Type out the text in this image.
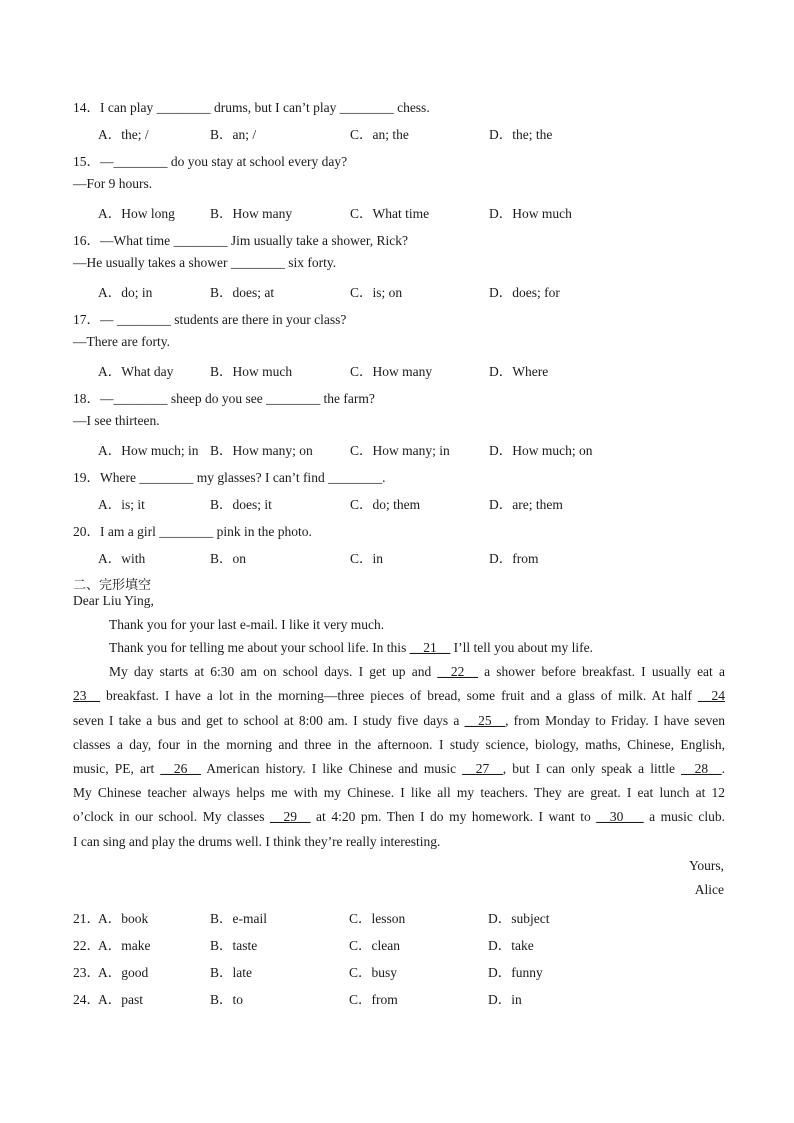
14．I can play ________ drums, but I can’t play ________ chess.
A．the; /	B．an; /	C．an; the	D．the; the
15．—________ do you stay at school every day?
—For 9 hours.
A．How long	B．How many	C．What time	D．How much
16．—What time ________ Jim usually take a shower, Rick?
—He usually takes a shower ________ six forty.
A．do; in	B．does; at	C．is; on	D．does; for
17．— ________ students are there in your class?
—There are forty.
A．What day	B．How much	C．How many	D．Where
18．—________ sheep do you see ________ the farm?
—I see thirteen.
A．How much; in B．How many; on	C．How many; in	D．How much; on
19．Where ________ my glasses? I can’t find ________.
A．is; it	B．does; it	C．do; them	D．are; them
20．I am a girl ________ pink in the photo.
A．with	B．on	C．in	D．from
二、完形填空
Dear Liu Ying,
Thank you for your last e-mail. I like it very much.
Thank you for telling me about your school life. In this __21__ I’ll tell you about my life.
My day starts at 6:30 am on school days. I get up and __22__ a shower before breakfast. I usually eat a
23__ breakfast. I have a lot in the morning—three pieces of bread, some fruit and a glass of milk. At half __24
seven I take a bus and get to school at 8:00 am. I study five days a __25__, from Monday to Friday. I have seven
classes a day, four in the morning and three in the afternoon. I study science, biology, maths, Chinese, English,
music, PE, art __26__ American history. I like Chinese and music __27__, but I can only speak a little __28__.
My Chinese teacher always helps me with my Chinese. I like all my teachers. They are great. I eat lunch at 12
o’clock in our school. My classes __29__ at 4:20 pm. Then I do my homework. I want to __30___ a music club.
I can sing and play the drums well. I think they’re really interesting.
Yours,
Alice
21．
A．book	B．e-mail	C．lesson	D．subject
22．
A．make	B．taste	C．clean	D．take
23．
A．good	B．late	C．busy	D．funny
24．
A．past	B．to	C．from	D．in
